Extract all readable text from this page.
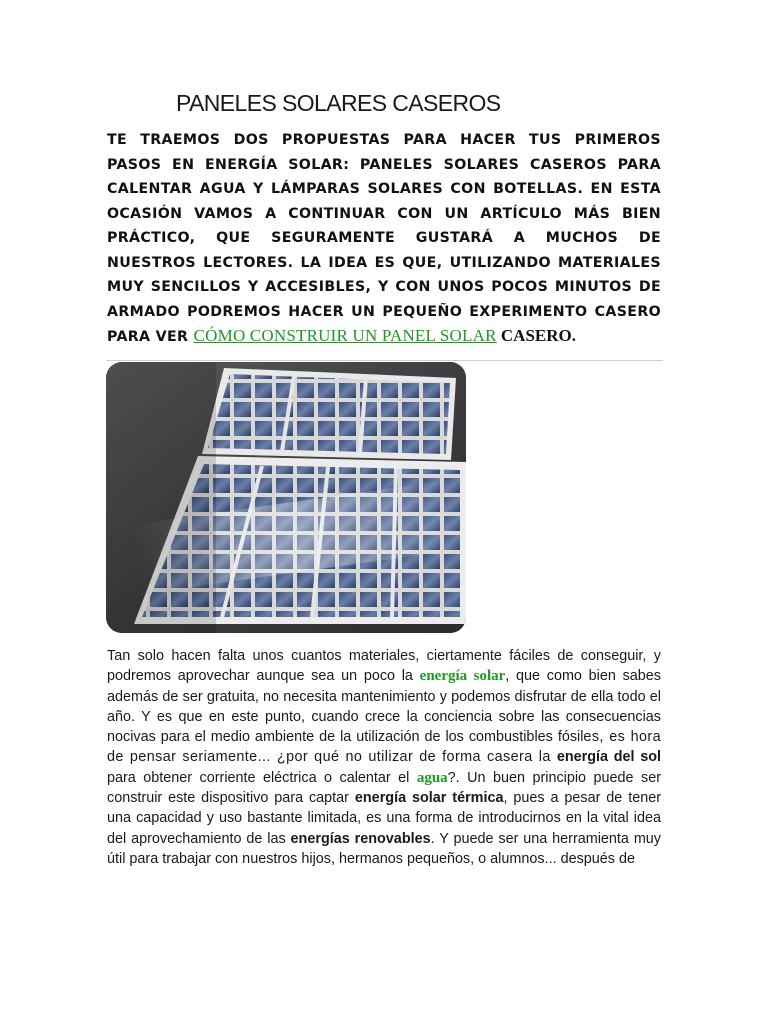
PANELES SOLARES CASEROS

TE TRAEMOS DOS PROPUESTAS PARA HACER TUS PRIMEROS PASOS EN ENERGÍA SOLAR: PANELES SOLARES CASEROS PARA CALENTAR AGUA Y LÁMPARAS SOLARES CON BOTELLAS. EN ESTA OCASIÓN VAMOS A CONTINUAR CON UN ARTÍCULO MÁS BIEN PRÁCTICO, QUE SEGURAMENTE GUSTARÁ A MUCHOS DE NUESTROS LECTORES. LA IDEA ES QUE, UTILIZANDO MATERIALES MUY SENCILLOS Y ACCESIBLES, Y CON UNOS POCOS MINUTOS DE ARMADO PODREMOS HACER UN PEQUEÑO EXPERIMENTO CASERO PARA VER CÓMO CONSTRUIR UN PANEL SOLAR CASERO.

Tan solo hacen falta unos cuantos materiales, ciertamente fáciles de conseguir, y podremos aprovechar aunque sea un poco la energía solar, que como bien sabes además de ser gratuita, no necesita mantenimiento y podemos disfrutar de ella todo el año. Y es que en este punto, cuando crece la conciencia sobre las consecuencias nocivas para el medio ambiente de la utilización de los combustibles fósiles, es hora de pensar seriamente... ¿por qué no utilizar de forma casera la energía del sol para obtener corriente eléctrica o calentar el agua?. Un buen principio puede ser construir este dispositivo para captar energía solar térmica, pues a pesar de tener una capacidad y uso bastante limitada, es una forma de introducirnos en la vital idea del aprovechamiento de las energías renovables. Y puede ser una herramienta muy útil para trabajar con nuestros hijos, hermanos pequeños, o alumnos... después de
